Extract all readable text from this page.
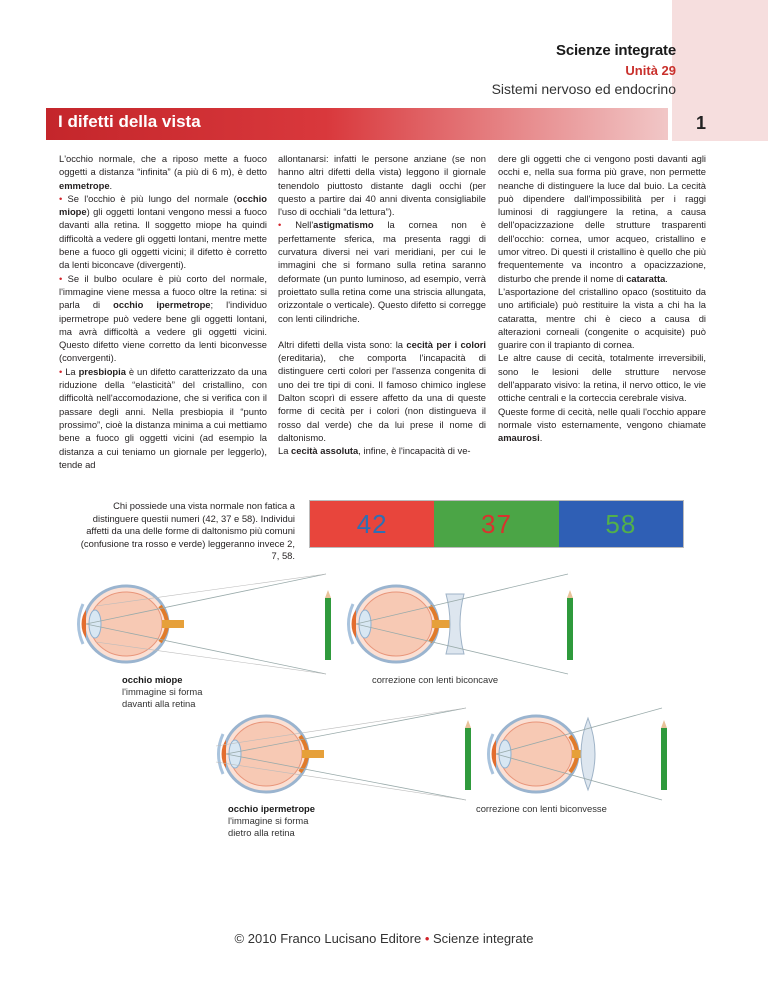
Scienze integrate
Unità 29
Sistemi nervoso ed endocrino
I difetti della vista	1

L'occhio normale, che a riposo mette a fuoco oggetti a distanza “infinita” (a più di 6 m), è detto emmetrope.

• Se l'occhio è più lungo del normale (occhio miope) gli oggetti lontani vengono messi a fuoco davanti alla retina. Il soggetto miope ha quindi difficoltà a vedere gli oggetti lontani, mentre mette bene a fuoco gli oggetti vicini; il difetto è corretto da lenti biconcave (divergenti).

• Se il bulbo oculare è più corto del normale, l'immagine viene messa a fuoco oltre la retina: si parla di occhio ipermetrope; l'individuo ipermetrope può vedere bene gli oggetti lontani, ma avrà difficoltà a vedere gli oggetti vicini. Questo difetto viene corretto da lenti biconvesse (convergenti).

• La presbiopia è un difetto caratterizzato da una riduzione della “elasticità” del cristallino, con difficoltà nell'accomodazione, che si verifica con il passare degli anni. Nella presbiopia il “punto prossimo”, cioè la distanza minima a cui mettiamo bene a fuoco gli oggetti vicini (ad esempio la distanza a cui teniamo un giornale per leggerlo), tende ad

allontanarsi: infatti le persone anziane (se non hanno altri difetti della vista) leggono il giornale tenendolo piuttosto distante dagli occhi (per questo a partire dai 40 anni diventa consigliabile l'uso di occhiali “da lettura”).

• Nell'astigmatismo la cornea non è perfettamente sferica, ma presenta raggi di curvatura diversi nei vari meridiani, per cui le immagini che si formano sulla retina saranno deformate (un punto luminoso, ad esempio, verrà proiettato sulla retina come una striscia allungata, orizzontale o verticale). Questo difetto si corregge con lenti cilindriche.

Altri difetti della vista sono: la cecità per i colori (ereditaria), che comporta l'incapacità di distinguere certi colori per l'assenza congenita di uno dei tre tipi di coni. Il famoso chimico inglese Dalton scoprì di essere affetto da una di queste forme di cecità per i colori (non distingueva il rosso dal verde) che da lui prese il nome di daltonismo.

La cecità assoluta, infine, è l'incapacità di ve-

dere gli oggetti che ci vengono posti davanti agli occhi e, nella sua forma più grave, non permette neanche di distinguere la luce dal buio. La cecità può dipendere dall'impossibilità per i raggi luminosi di raggiungere la retina, a causa dell'opacizzazione delle strutture trasparenti dell'occhio: cornea, umor acqueo, cristallino e umor vitreo. Di questi il cristallino è quello che più frequentemente va incontro a opacizzazione, disturbo che prende il nome di cataratta.

L'asportazione del cristallino opaco (sostituito da uno artificiale) può restituire la vista a chi ha la cataratta, mentre chi è cieco a causa di alterazioni corneali (congenite o acquisite) può guarire con il trapianto di cornea.

Le altre cause di cecità, totalmente irreversibili, sono le lesioni delle strutture nervose dell'apparato visivo: la retina, il nervo ottico, le vie ottiche centrali e la corteccia cerebrale visiva.

Queste forme di cecità, nelle quali l'occhio appare normale visto esternamente, vengono chiamate amaurosi.

Chi possiede una vista normale non fatica a distinguere questii numeri (42, 37 e 58). Individui affetti da una delle forme di daltonismo più comuni (confusione tra rosso e verde) leggeranno invece 2, 7, 58.
42	37	58
occhio miope
l'immagine si forma
davanti alla retina
correzione con lenti biconcave
occhio ipermetrope
l'immagine si forma
dietro alla retina
correzione con lenti biconvesse
© 2010 Franco Lucisano Editore • Scienze integrate
